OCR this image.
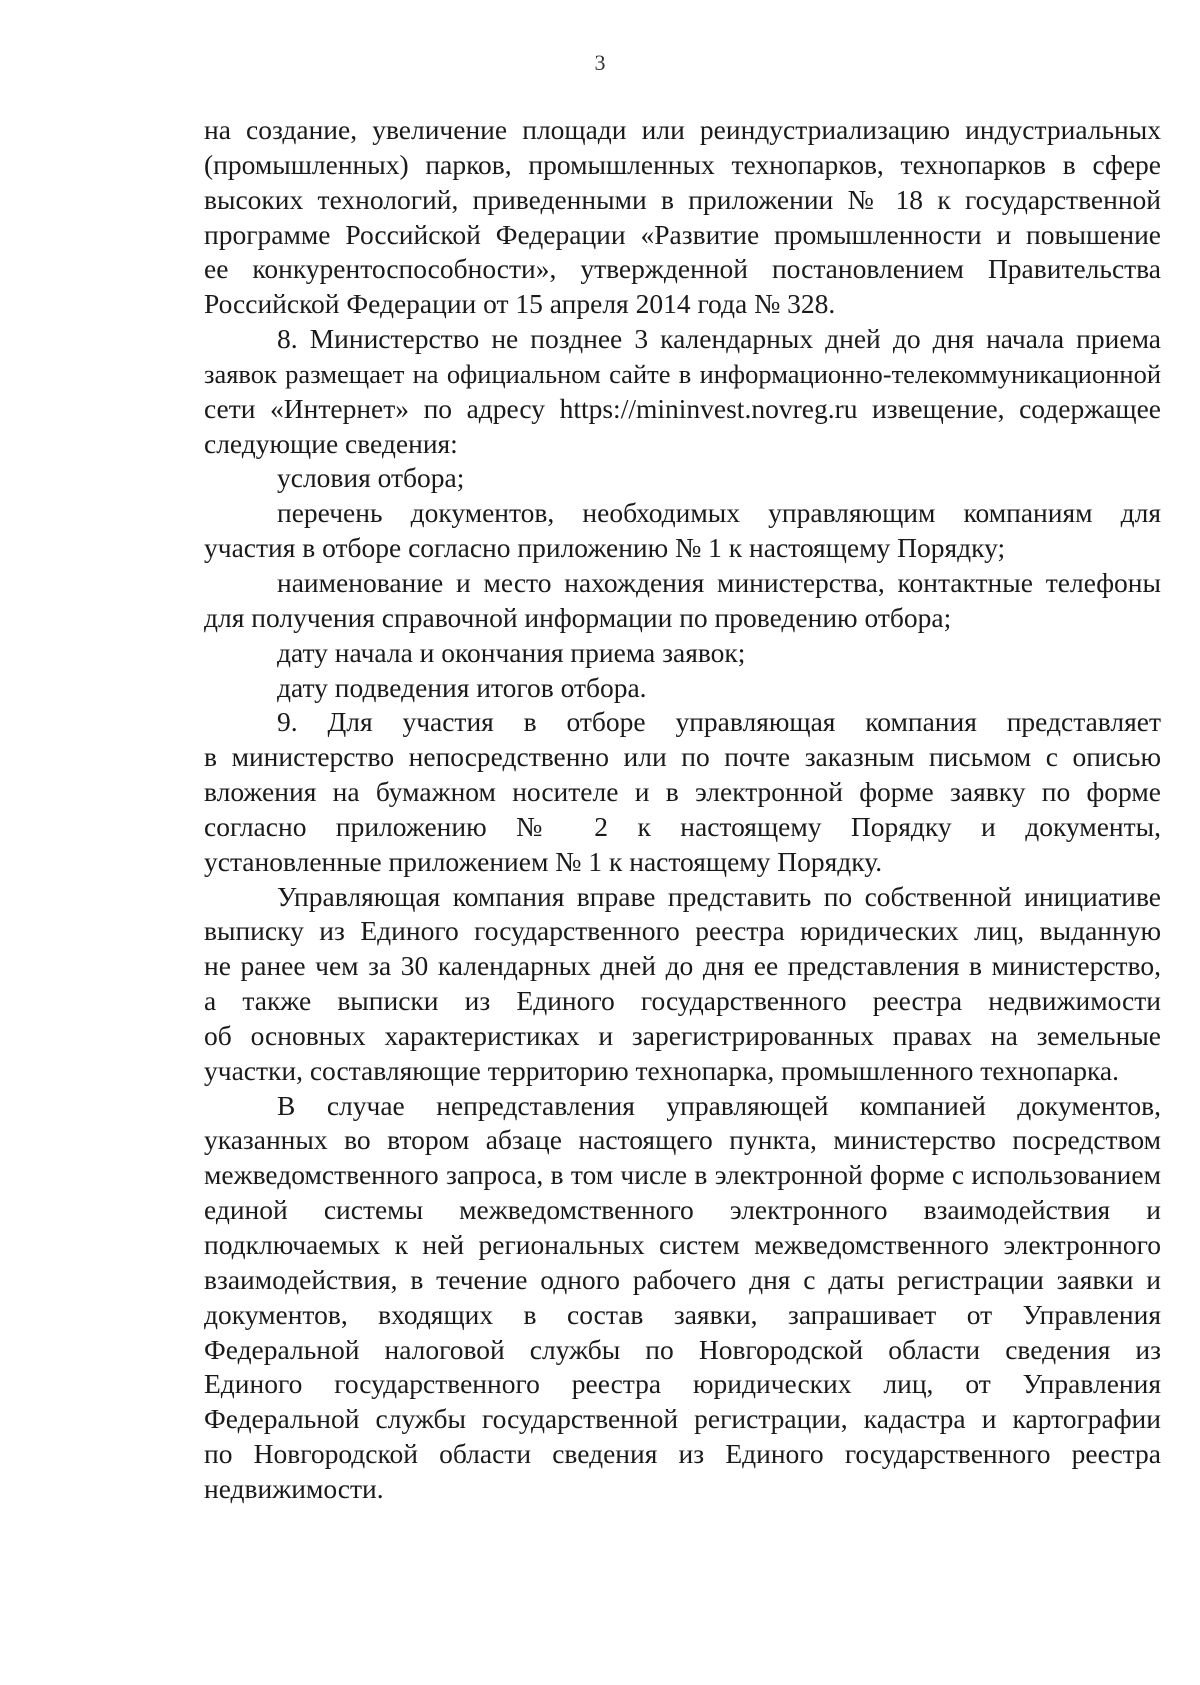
3
на создание, увеличение площади или реиндустриализацию индустриальных
(промышленных) парков, промышленных технопарков, технопарков в сфере
высоких технологий, приведенными в приложении № 18 к государственной
программе Российской Федерации «Развитие промышленности и повышение
ее конкурентоспособности», утвержденной постановлением Правительства
Российской Федерации от 15 апреля 2014 года № 328.
8. Министерство не позднее 3 календарных дней до дня начала приема
заявок размещает на официальном сайте в информационно-телекоммуникационной
сети «Интернет» по адресу https://mininvest.novreg.ru извещение, содержащее
следующие сведения:
условия отбора;
перечень документов, необходимых управляющим компаниям для
участия в отборе согласно приложению № 1 к настоящему Порядку;
наименование и место нахождения министерства, контактные телефоны
для получения справочной информации по проведению отбора;
дату начала и окончания приема заявок;
дату подведения итогов отбора.
9. Для участия в отборе управляющая компания представляет
в министерство непосредственно или по почте заказным письмом с описью
вложения на бумажном носителе и в электронной форме заявку по форме
согласно приложению № 2 к настоящему Порядку и документы,
установленные приложением № 1 к настоящему Порядку.
Управляющая компания вправе представить по собственной инициативе
выписку из Единого государственного реестра юридических лиц, выданную
не ранее чем за 30 календарных дней до дня ее представления в министерство,
а также выписки из Единого государственного реестра недвижимости
об основных характеристиках и зарегистрированных правах на земельные
участки, составляющие территорию технопарка, промышленного технопарка.
В случае непредставления управляющей компанией документов,
указанных во втором абзаце настоящего пункта, министерство посредством
межведомственного запроса, в том числе в электронной форме с использованием
единой системы межведомственного электронного взаимодействия и
подключаемых к ней региональных систем межведомственного электронного
взаимодействия, в течение одного рабочего дня с даты регистрации заявки и
документов, входящих в состав заявки, запрашивает от Управления
Федеральной налоговой службы по Новгородской области сведения из
Единого государственного реестра юридических лиц, от Управления
Федеральной службы государственной регистрации, кадастра и картографии
по Новгородской области сведения из Единого государственного реестра
недвижимости.
